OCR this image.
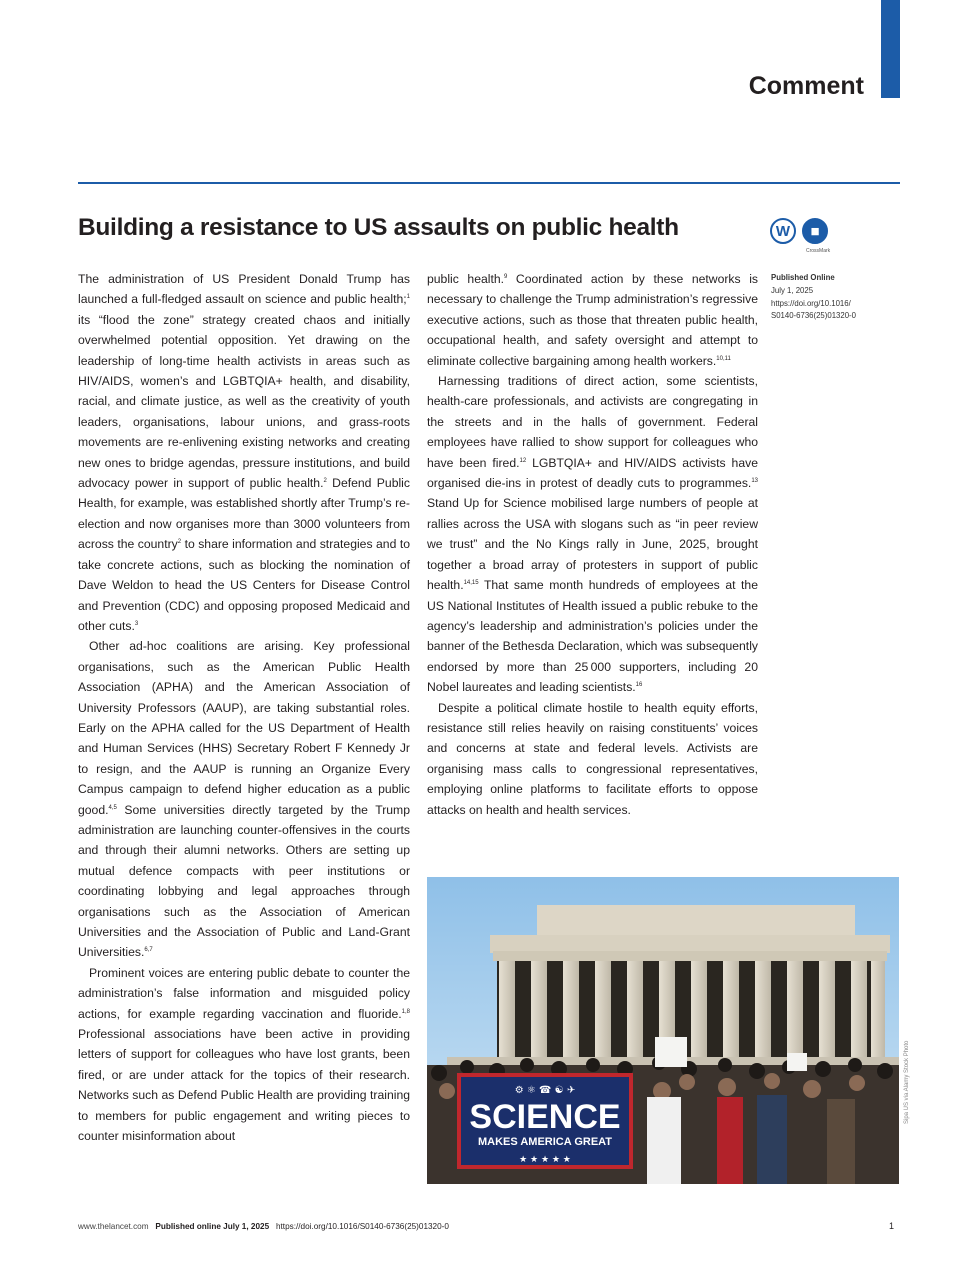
Comment
Building a resistance to US assaults on public health	W	■
CrossMark

The administration of US President Donald Trump has launched a full-fledged assault on science and public health;$^1$ its “flood the zone” strategy created chaos and initially overwhelmed potential opposition. Yet drawing on the leadership of long-time health activists in areas such as HIV/AIDS, women’s and LGBTQIA+ health, and disability, racial, and climate justice, as well as the creativity of youth leaders, organisations, labour unions, and grass-roots movements are re-enlivening existing networks and creating new ones to bridge agendas, pressure institutions, and build advocacy power in support of public health.$^2$ Defend Public Health, for example, was established shortly after Trump’s re-election and now organises more than 3000 volunteers from across the country$^2$ to share information and strategies and to take concrete actions, such as blocking the nomination of Dave Weldon to head the US Centers for Disease Control and Prevention (CDC) and opposing proposed Medicaid and other cuts.$^3$

Other ad-hoc coalitions are arising. Key professional organisations, such as the American Public Health Association (APHA) and the American Association of University Professors (AAUP), are taking substantial roles. Early on the APHA called for the US Department of Health and Human Services (HHS) Secretary Robert F Kennedy Jr to resign, and the AAUP is running an Organize Every Campus campaign to defend higher education as a public good.$^{4,5}$ Some universities directly targeted by the Trump administration are launching counter-offensives in the courts and through their alumni networks. Others are setting up mutual defence compacts with peer institutions or coordinating lobbying and legal approaches through organisations such as the Association of American Universities and the Association of Public and Land-Grant Universities.$^{6,7}$

Prominent voices are entering public debate to counter the administration’s false information and misguided policy actions, for example regarding vaccination and fluoride.$^{1,8}$ Professional associations have been active in providing letters of support for colleagues who have lost grants, been fired, or are under attack for the topics of their research. Networks such as Defend Public Health are providing training to members for public engagement and writing pieces to counter misinformation about

public health.$^9$ Coordinated action by these networks is necessary to challenge the Trump administration’s regressive executive actions, such as those that threaten public health, occupational health, and safety oversight and attempt to eliminate collective bargaining among health workers.$^{10,11}$

Harnessing traditions of direct action, some scientists, health-care professionals, and activists are congregating in the streets and in the halls of government. Federal employees have rallied to show support for colleagues who have been fired.$^{12}$ LGBTQIA+ and HIV/AIDS activists have organised die-ins in protest of deadly cuts to programmes.$^{13}$ Stand Up for Science mobilised large numbers of people at rallies across the USA with slogans such as “in peer review we trust” and the No Kings rally in June, 2025, brought together a broad array of protesters in support of public health.$^{14,15}$ That same month hundreds of employees at the US National Institutes of Health issued a public rebuke to the agency’s leadership and administration’s policies under the banner of the Bethesda Declaration, which was subsequently endorsed by more than 25 000 supporters, including 20 Nobel laureates and leading scientists.$^{16}$

Despite a political climate hostile to health equity efforts, resistance still relies heavily on raising constituents’ voices and concerns at state and federal levels. Activists are organising mass calls to congressional representatives, employing online platforms to facilitate efforts to oppose attacks on health and health services.

Published Online
July 1, 2025
https://doi.org/10.1016/
S0140-6736(25)01320-0
⚙ ⚛ ☎ ☯ ✈
SCIENCE
MAKES AMERICA GREAT
★ ★ ★ ★ ★
Sipa US via Alamy Stock Photo
www.thelancet.com Published online July 1, 2025 https://doi.org/10.1016/S0140-6736(25)01320-0	1
